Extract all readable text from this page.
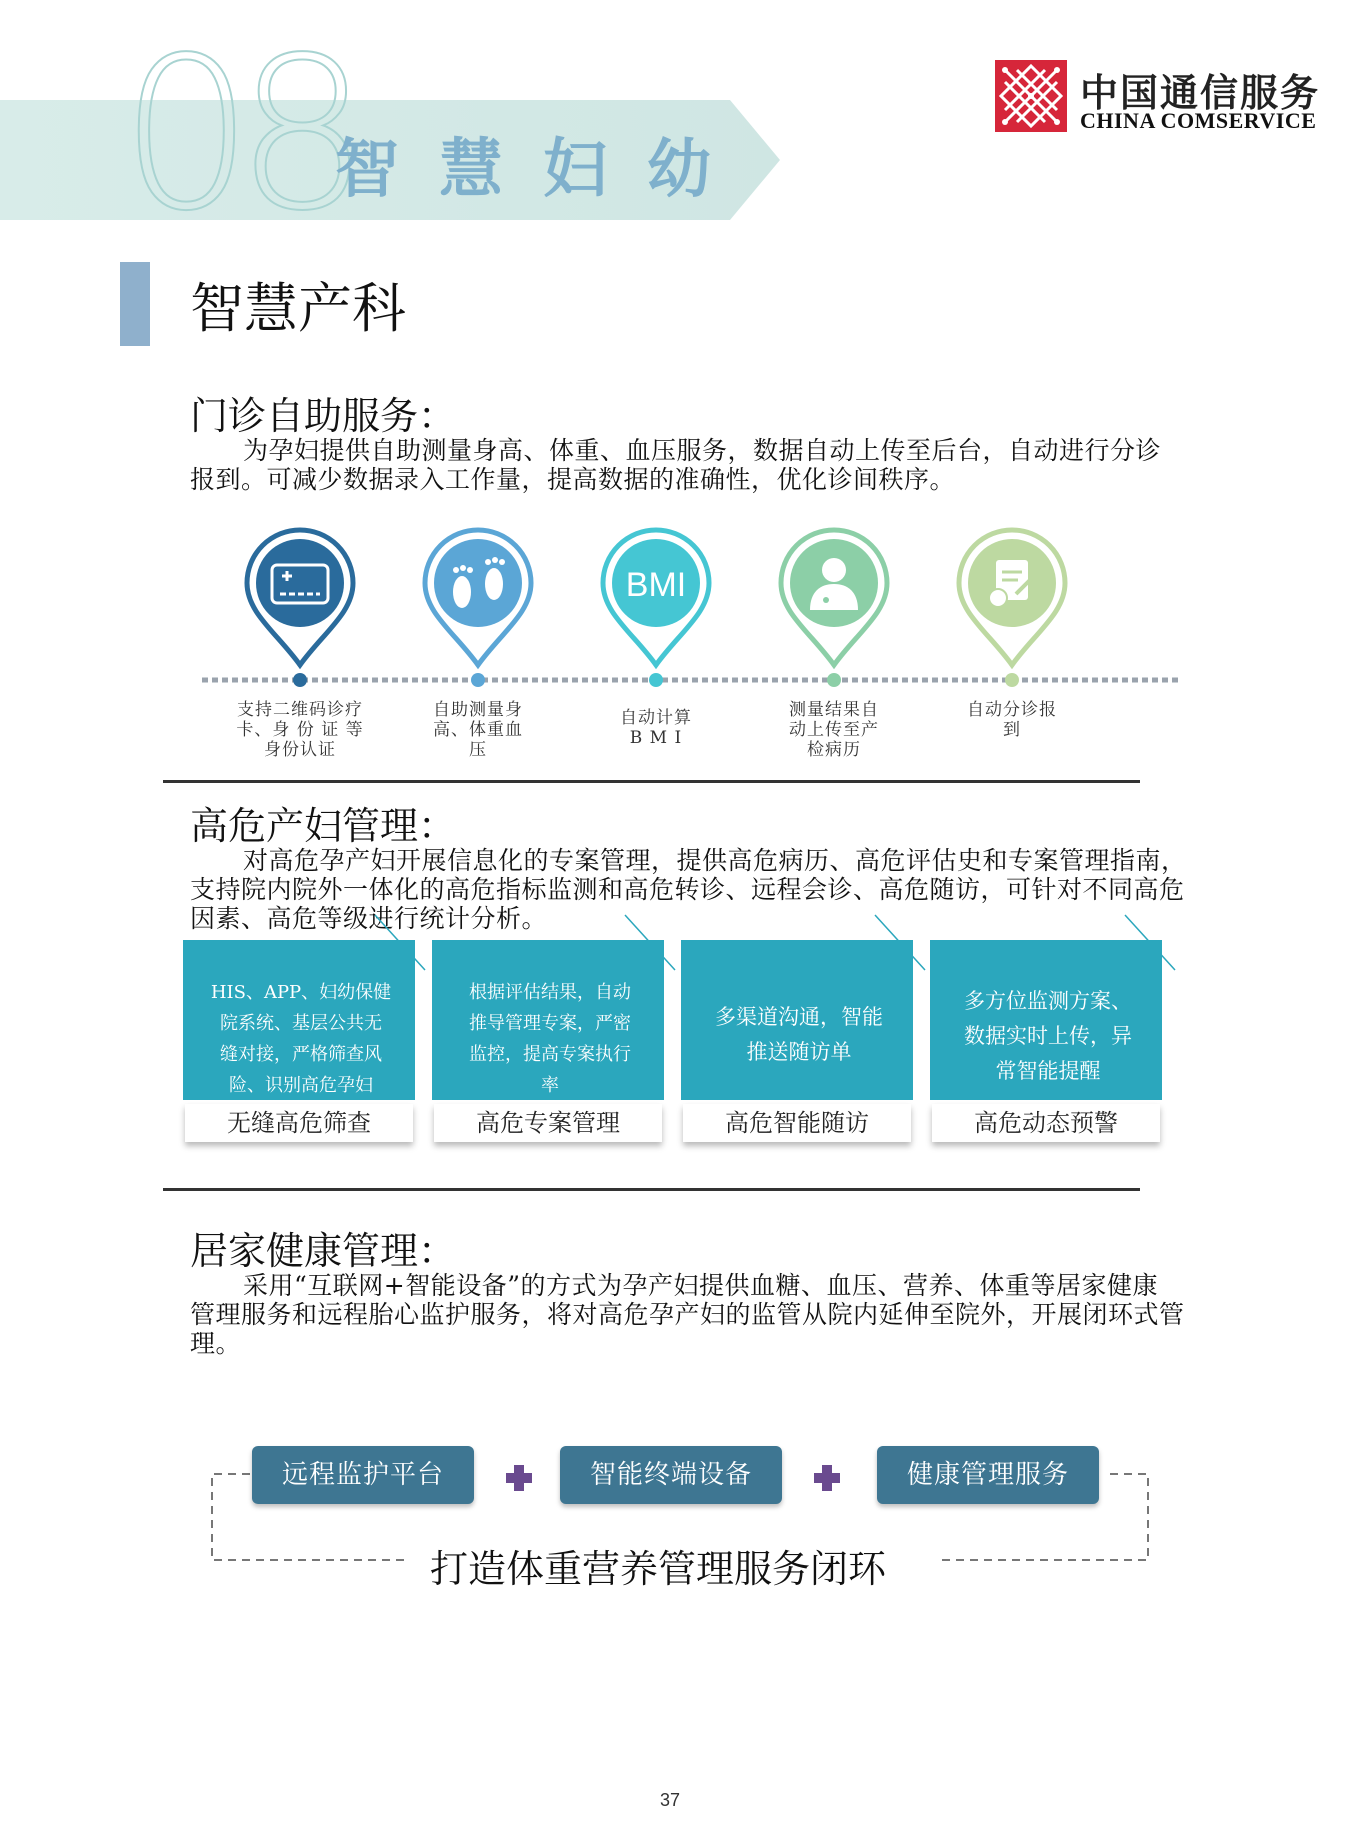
08
智慧妇幼
中国通信服务
CHINA COMSERVICE
智慧产科
门诊自助服务：
为孕妇提供自助测量身高、体重、血压服务，数据自动上传至后台，自动进行分诊
报到。可减少数据录入工作量，提高数据的准确性，优化诊间秩序。
BMI
支持二维码诊疗
卡、身 份 证 等
身份认证
自助测量身
高、体重血
压
自动计算
B M I
测量结果自
动上传至产
检病历
自动分诊报
到
高危产妇管理：
对高危孕产妇开展信息化的专案管理，提供高危病历、高危评估史和专案管理指南，
支持院内院外一体化的高危指标监测和高危转诊、远程会诊、高危随访，可针对不同高危
因素、高危等级进行统计分析。
HIS、APP、妇幼保健
院系统、基层公共无
缝对接，严格筛查风
险、识别高危孕妇
无缝高危筛查
根据评估结果，自动
推导管理专案，严密
监控，提高专案执行
率
高危专案管理
多渠道沟通，智能
推送随访单
高危智能随访
多方位监测方案、
数据实时上传，异
常智能提醒
高危动态预警
居家健康管理：
采用“互联网+智能设备”的方式为孕产妇提供血糖、血压、营养、体重等居家健康
管理服务和远程胎心监护服务，将对高危孕产妇的监管从院内延伸至院外，开展闭环式管
理。
远程监护平台	智能终端设备	健康管理服务
打造体重营养管理服务闭环
37
